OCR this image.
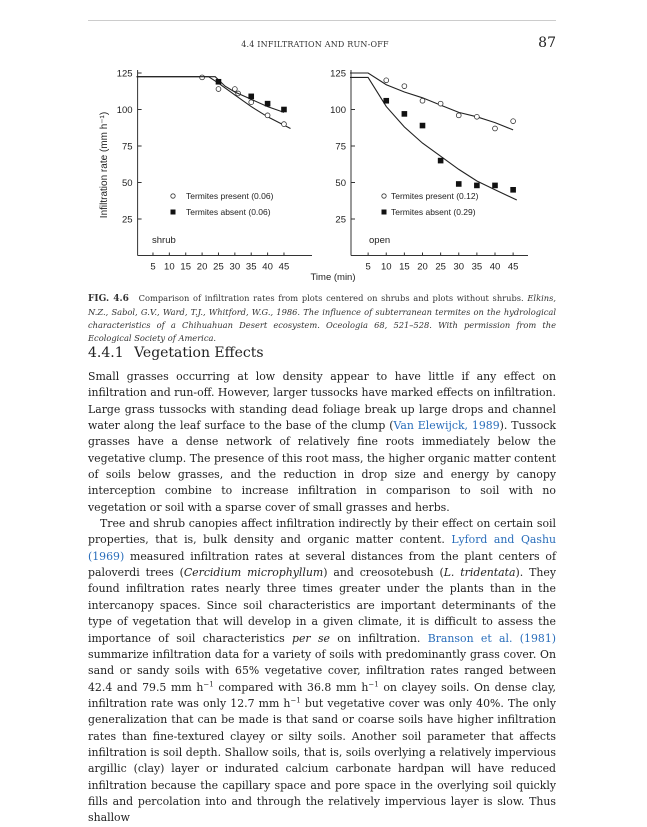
4.4 INFILTRATION AND RUN-OFF	87
25
50
75
100
125
5 10 15 20 25 30 35 40 45
Termites present (0.06)
Termites absent (0.06)
shrub
25
50
75
100
125
5 10 15 20 25 30 35 40 45
Termites present (0.12)
Termites absent (0.29)
open
Infiltration rate (mm h⁻¹)
Time (min)
FIG. 4.6 Comparison of infiltration rates from plots centered on shrubs and plots without shrubs. Elkins, N.Z., Sabol, G.V., Ward, T.J., Whitford, W.G., 1986. The influence of subterranean termites on the hydrological characteristics of a Chihuahuan Desert ecosystem. Oceologia 68, 521–528. With permission from the Ecological Society of America.
4.4.1 Vegetation Effects

Small grasses occurring at low density appear to have little if any effect on infiltration and run-off. However, larger tussocks have marked effects on infiltration. Large grass tussocks with standing dead foliage break up large drops and channel water along the leaf surface to the base of the clump (Van Elewijck, 1989). Tussock grasses have a dense network of relatively fine roots immediately below the vegetative clump. The presence of this root mass, the higher organic matter content of soils below grasses, and the reduction in drop size and energy by canopy interception combine to increase infiltration in comparison to soil with no vegetation or soil with a sparse cover of small grasses and herbs.

Tree and shrub canopies affect infiltration indirectly by their effect on certain soil properties, that is, bulk density and organic matter content. Lyford and Qashu (1969) measured infiltration rates at several distances from the plant centers of paloverdi trees (Cercidium microphyllum) and creosotebush (L. tridentata). They found infiltration rates nearly three times greater under the plants than in the intercanopy spaces. Since soil characteristics are important determinants of the type of vegetation that will develop in a given climate, it is difficult to assess the importance of soil characteristics per se on infiltration. Branson et al. (1981) summarize infiltration data for a variety of soils with predominantly grass cover. On sand or sandy soils with 65% vegetative cover, infiltration rates ranged between 42.4 and 79.5 mm $h^{-1}$ compared with 36.8 mm $h^{-1}$ on clayey soils. On dense clay, infiltration rate was only 12.7 mm $h^{-1}$ but vegetative cover was only 40%. The only generalization that can be made is that sand or coarse soils have higher infiltration rates than fine-textured clayey or silty soils. Another soil parameter that affects infiltration is soil depth. Shallow soils, that is, soils overlying a relatively impervious argillic (clay) layer or indurated calcium carbonate hardpan will have reduced infiltration because the capillary space and pore space in the overlying soil quickly fills and percolation into and through the relatively impervious layer is slow. Thus shallow
